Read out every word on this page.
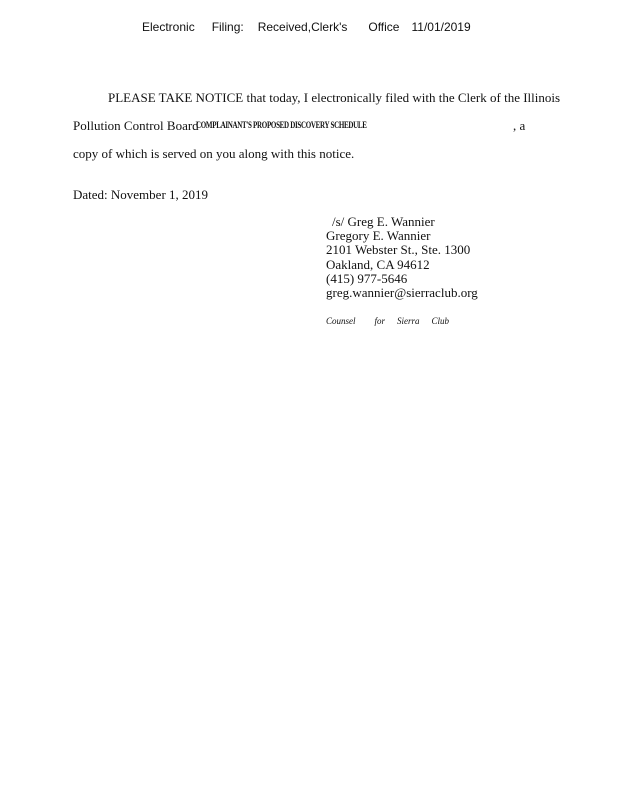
Electronic Filing: Received,Clerk's Office 11/01/2019
PLEASE TAKE NOTICE that today, I electronically filed with the Clerk of the Illinois
Pollution Control Board
COMPLAINANT'S PROPOSED DISCOVERY SCHEDULE	, a
copy of which is served on you along with this notice.
Dated: November 1, 2019
/s/ Greg E. Wannier
Gregory E. Wannier
2101 Webster St., Ste. 1300
Oakland, CA 94612
(415) 977-5646
greg.wannier@sierraclub.org
Counsel for Sierra Club
